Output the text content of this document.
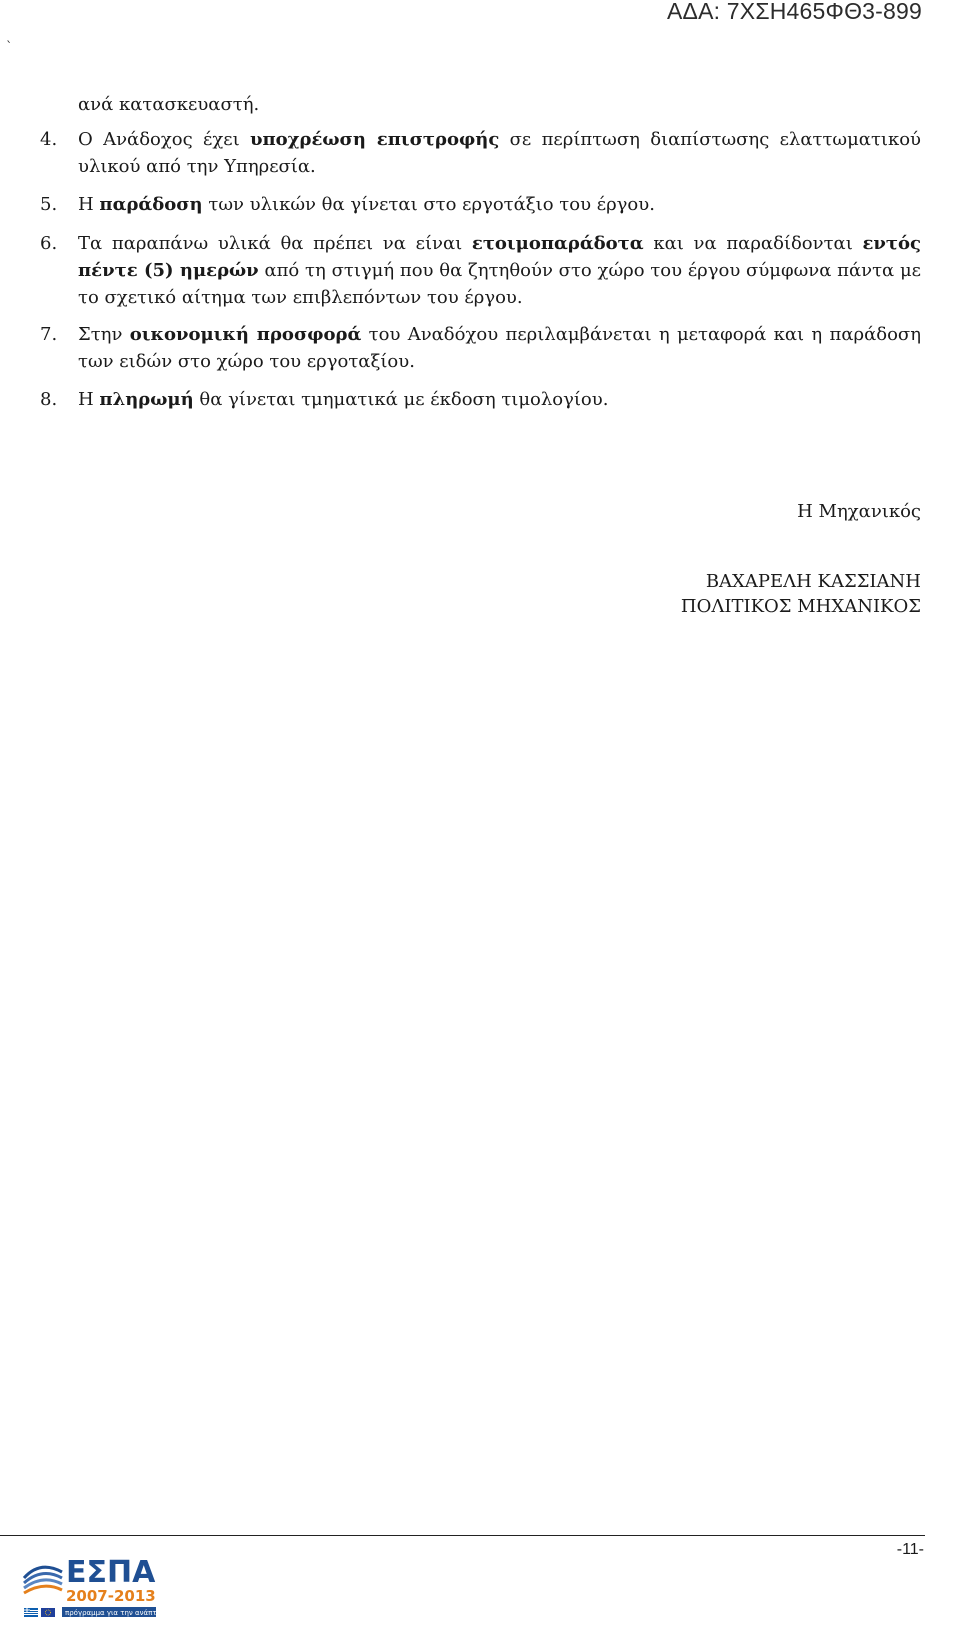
ΑΔΑ: 7ΧΣΗ465ΦΘ3-899
`
ανά κατασκευαστή.
4. Ο Ανάδοχος έχει υποχρέωση επιστροφής σε περίπτωση διαπίστωσης ελαττωματικού υλικού από την Υπηρεσία.
5. Η παράδοση των υλικών θα γίνεται στο εργοτάξιο του έργου.
6. Τα παραπάνω υλικά θα πρέπει να είναι ετοιμοπαράδοτα και να παραδίδονται εντός πέντε (5) ημερών από τη στιγμή που θα ζητηθούν στο χώρο του έργου σύμφωνα πάντα με το σχετικό αίτημα των επιβλεπόντων του έργου.
7. Στην οικονομική προσφορά του Αναδόχου περιλαμβάνεται η μεταφορά και η παράδοση των ειδών στο χώρο του εργοταξίου.
8. Η πληρωμή θα γίνεται τμηματικά με έκδοση τιμολογίου.
Η Μηχανικός
ΒΑΧΑΡΕΛΗ ΚΑΣΣΙΑΝΗ
ΠΟΛΙΤΙΚΟΣ ΜΗΧΑΝΙΚΟΣ
-11-
ΕΣΠΑ
2007-2013
πρόγραμμα για την ανάπτυξη
